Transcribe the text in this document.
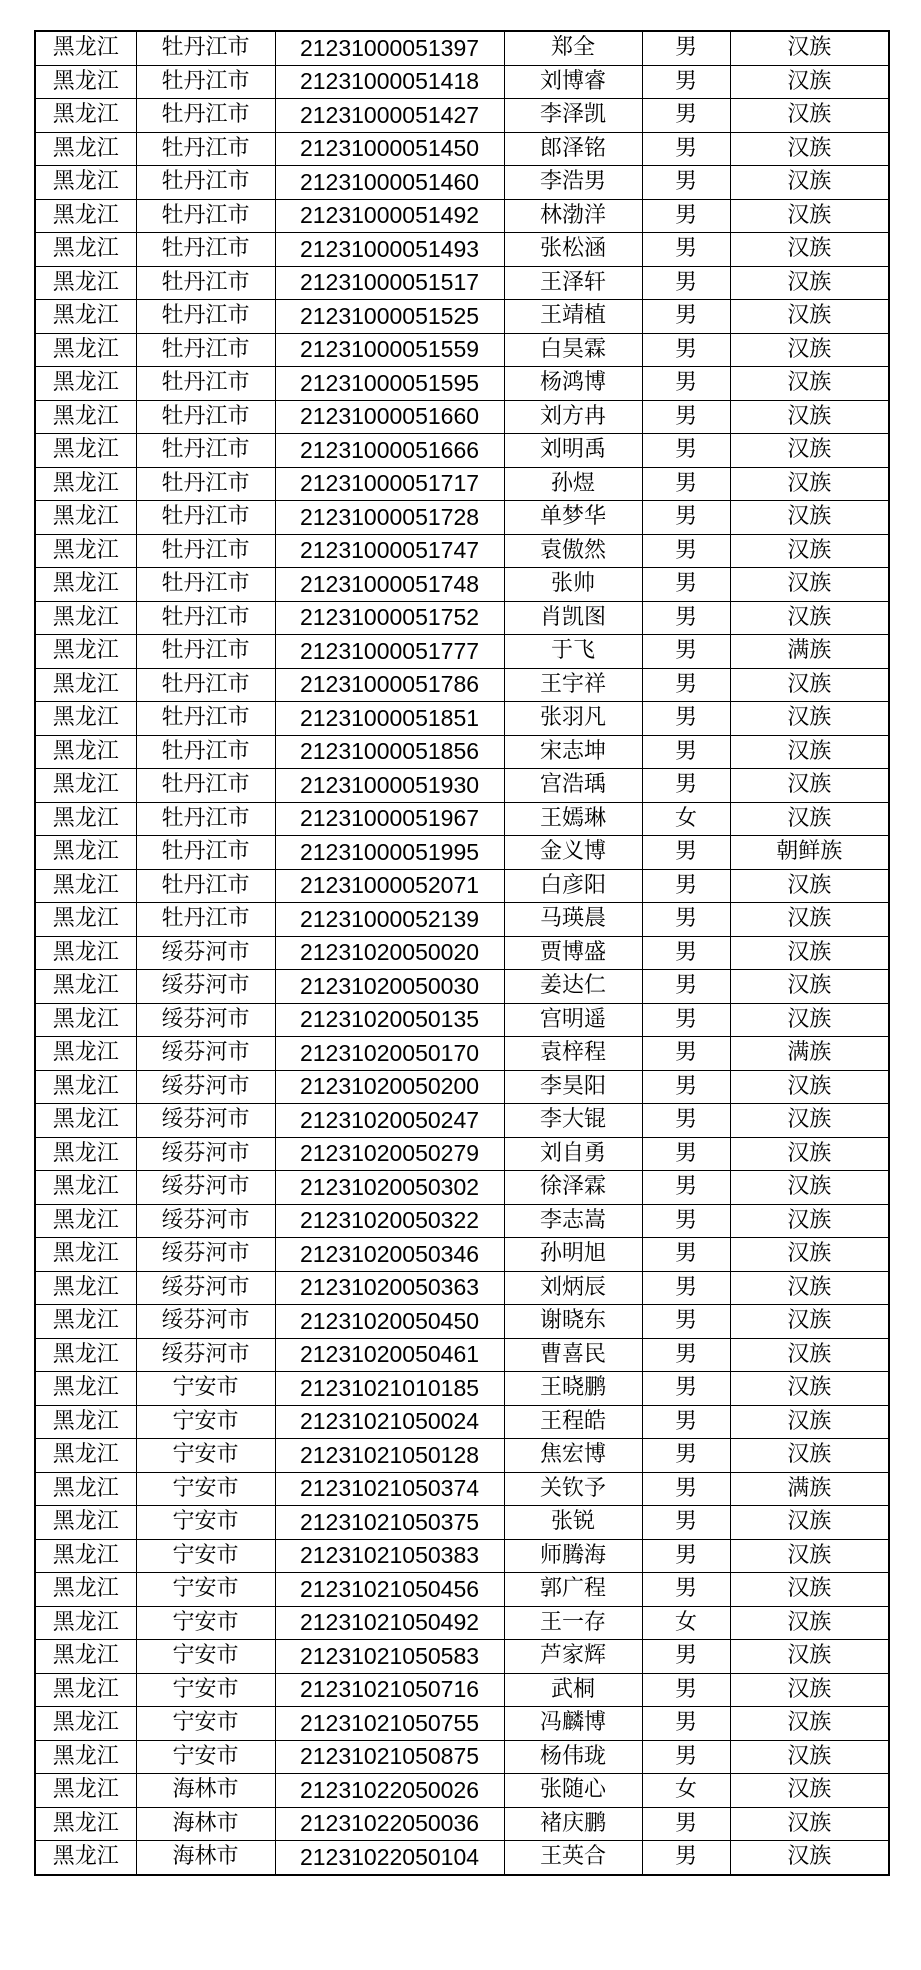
黑龙江	牡丹江市	21231000051397	郑全	男	汉族
黑龙江	牡丹江市	21231000051418	刘博睿	男	汉族
黑龙江	牡丹江市	21231000051427	李泽凯	男	汉族
黑龙江	牡丹江市	21231000051450	郎泽铭	男	汉族
黑龙江	牡丹江市	21231000051460	李浩男	男	汉族
黑龙江	牡丹江市	21231000051492	林渤洋	男	汉族
黑龙江	牡丹江市	21231000051493	张松涵	男	汉族
黑龙江	牡丹江市	21231000051517	王泽轩	男	汉族
黑龙江	牡丹江市	21231000051525	王靖植	男	汉族
黑龙江	牡丹江市	21231000051559	白昊霖	男	汉族
黑龙江	牡丹江市	21231000051595	杨鸿博	男	汉族
黑龙江	牡丹江市	21231000051660	刘方冉	男	汉族
黑龙江	牡丹江市	21231000051666	刘明禹	男	汉族
黑龙江	牡丹江市	21231000051717	孙煜	男	汉族
黑龙江	牡丹江市	21231000051728	单梦华	男	汉族
黑龙江	牡丹江市	21231000051747	袁傲然	男	汉族
黑龙江	牡丹江市	21231000051748	张帅	男	汉族
黑龙江	牡丹江市	21231000051752	肖凯图	男	汉族
黑龙江	牡丹江市	21231000051777	于飞	男	满族
黑龙江	牡丹江市	21231000051786	王宇祥	男	汉族
黑龙江	牡丹江市	21231000051851	张羽凡	男	汉族
黑龙江	牡丹江市	21231000051856	宋志坤	男	汉族
黑龙江	牡丹江市	21231000051930	宫浩瑀	男	汉族
黑龙江	牡丹江市	21231000051967	王嫣琳	女	汉族
黑龙江	牡丹江市	21231000051995	金义博	男	朝鲜族
黑龙江	牡丹江市	21231000052071	白彦阳	男	汉族
黑龙江	牡丹江市	21231000052139	马瑛晨	男	汉族
黑龙江	绥芬河市	21231020050020	贾博盛	男	汉族
黑龙江	绥芬河市	21231020050030	姜达仁	男	汉族
黑龙江	绥芬河市	21231020050135	宫明遥	男	汉族
黑龙江	绥芬河市	21231020050170	袁梓程	男	满族
黑龙江	绥芬河市	21231020050200	李昊阳	男	汉族
黑龙江	绥芬河市	21231020050247	李大锟	男	汉族
黑龙江	绥芬河市	21231020050279	刘自勇	男	汉族
黑龙江	绥芬河市	21231020050302	徐泽霖	男	汉族
黑龙江	绥芬河市	21231020050322	李志嵩	男	汉族
黑龙江	绥芬河市	21231020050346	孙明旭	男	汉族
黑龙江	绥芬河市	21231020050363	刘炳辰	男	汉族
黑龙江	绥芬河市	21231020050450	谢晓东	男	汉族
黑龙江	绥芬河市	21231020050461	曹喜民	男	汉族
黑龙江	宁安市	21231021010185	王晓鹏	男	汉族
黑龙江	宁安市	21231021050024	王程皓	男	汉族
黑龙江	宁安市	21231021050128	焦宏博	男	汉族
黑龙江	宁安市	21231021050374	关钦予	男	满族
黑龙江	宁安市	21231021050375	张锐	男	汉族
黑龙江	宁安市	21231021050383	师腾海	男	汉族
黑龙江	宁安市	21231021050456	郭广程	男	汉族
黑龙江	宁安市	21231021050492	王一存	女	汉族
黑龙江	宁安市	21231021050583	芦家辉	男	汉族
黑龙江	宁安市	21231021050716	武桐	男	汉族
黑龙江	宁安市	21231021050755	冯麟博	男	汉族
黑龙江	宁安市	21231021050875	杨伟珑	男	汉族
黑龙江	海林市	21231022050026	张随心	女	汉族
黑龙江	海林市	21231022050036	褚庆鹏	男	汉族
黑龙江	海林市	21231022050104	王英合	男	汉族
